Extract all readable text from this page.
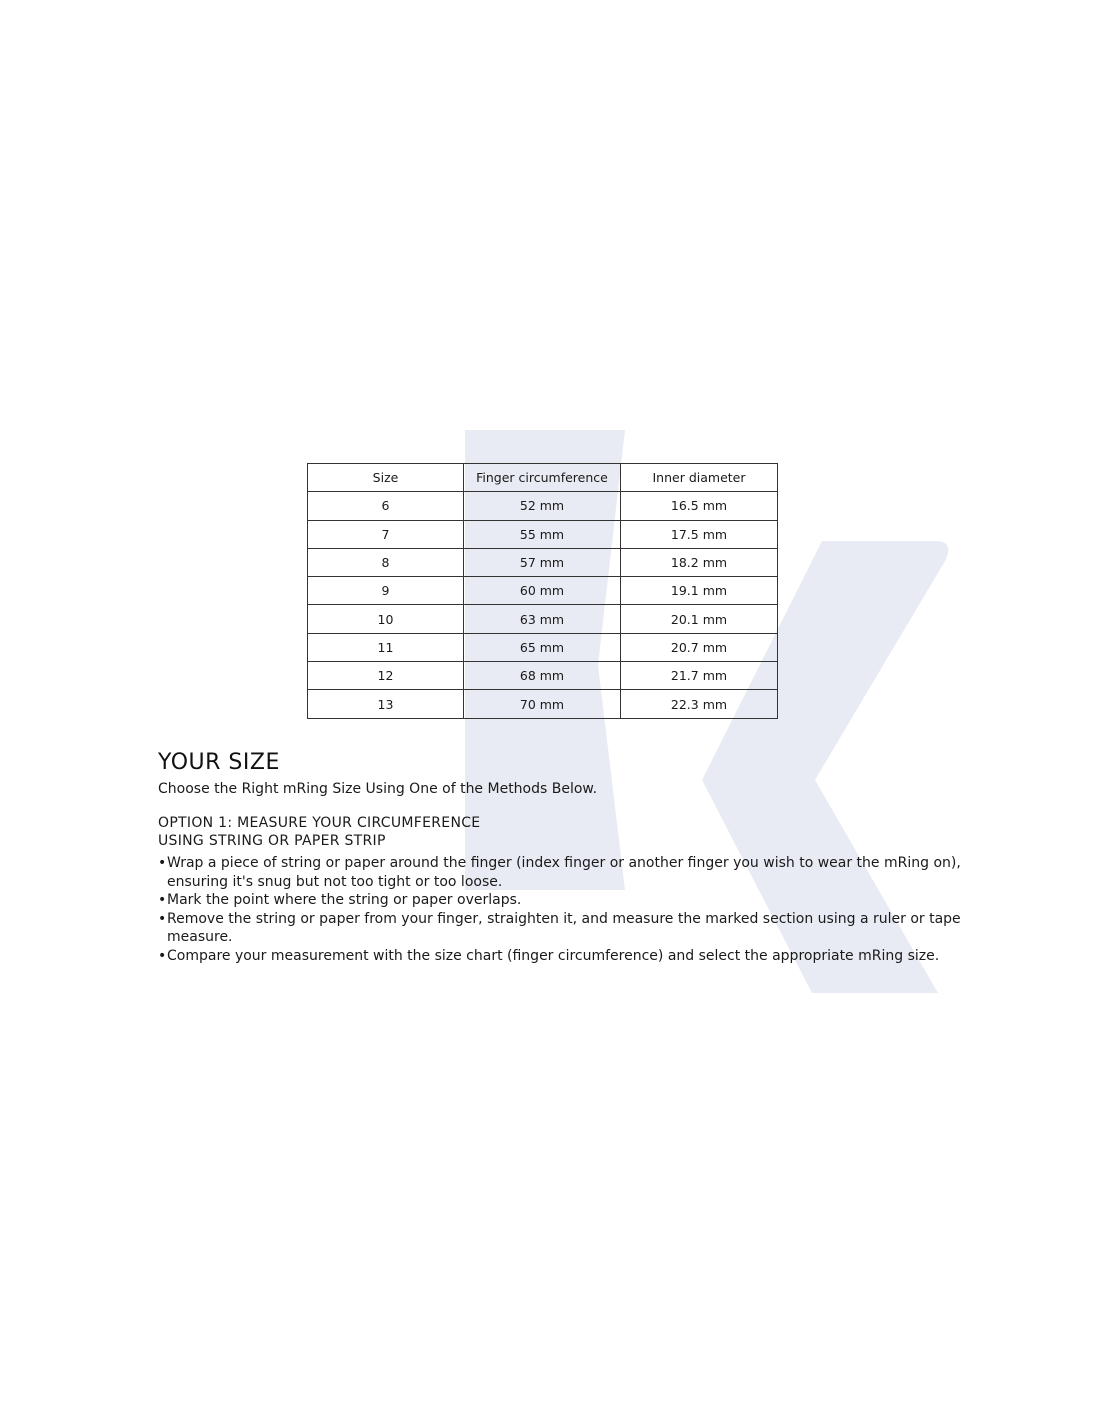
Size	Finger circumference	Inner diameter
6	52 mm	16.5 mm
7	55 mm	17.5 mm
8	57 mm	18.2 mm
9	60 mm	19.1 mm
10	63 mm	20.1 mm
11	65 mm	20.7 mm
12	68 mm	21.7 mm
13	70 mm	22.3 mm
YOUR SIZE

Choose the Right mRing Size Using One of the Methods Below.

OPTION 1: MEASURE YOUR CIRCUMFERENCE
USING STRING OR PAPER STRIP
• Wrap a piece of string or paper around the finger (index finger or another finger you wish to wear the mRing on), ensuring it's snug but not too tight or too loose.
• Mark the point where the string or paper overlaps.
• Remove the string or paper from your finger, straighten it, and measure the marked section using a ruler or tape measure.
• Compare your measurement with the size chart (finger circumference) and select the appropriate mRing size.
